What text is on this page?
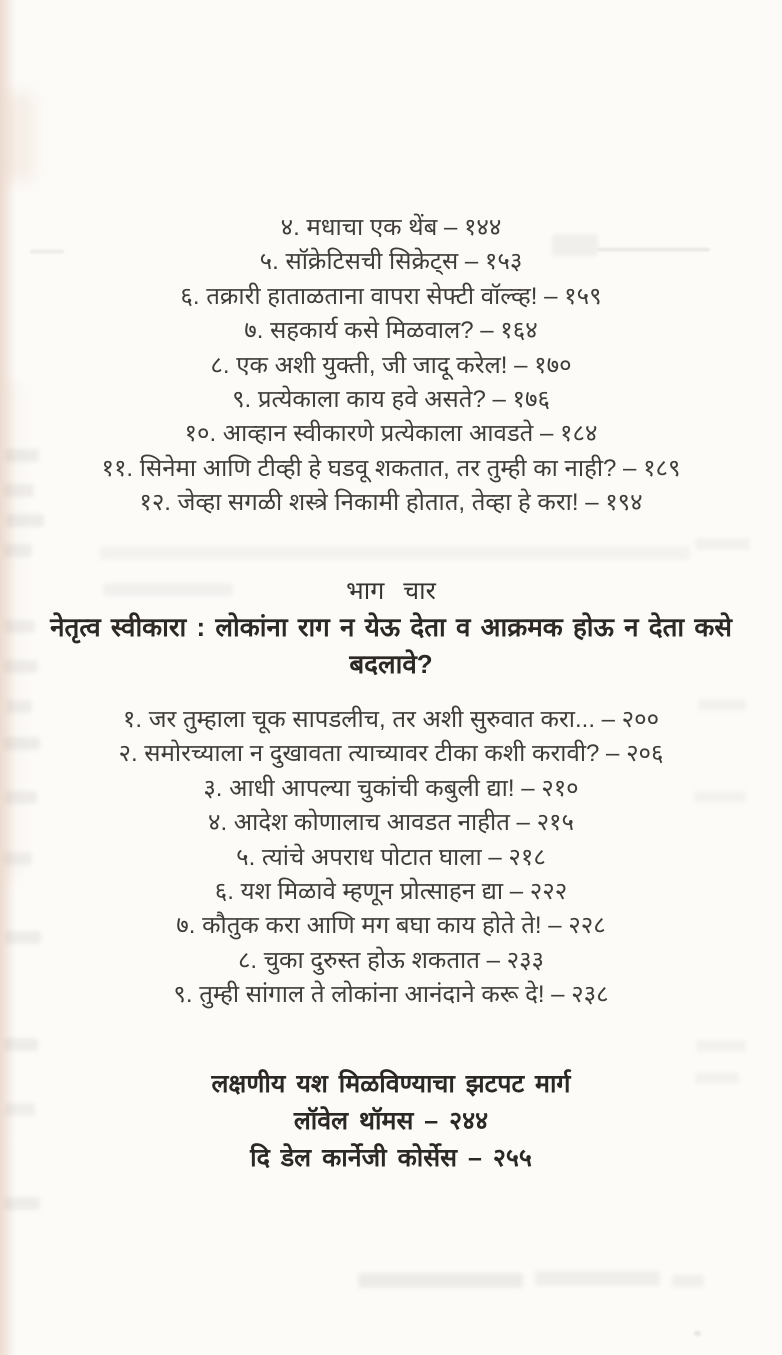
४. मधाचा एक थेंब – १४४
५. सॉक्रेटिसची सिक्रेट्स – १५३
६. तक्रारी हाताळताना वापरा सेफ्टी वॉल्व्ह! – १५९
७. सहकार्य कसे मिळवाल? – १६४
८. एक अशी युक्ती, जी जादू करेल! – १७०
९. प्रत्येकाला काय हवे असते? – १७६
१०. आव्हान स्वीकारणे प्रत्येकाला आवडते – १८४
११. सिनेमा आणि टीव्ही हे घडवू शकतात, तर तुम्ही का नाही? – १८९
१२. जेव्हा सगळी शस्त्रे निकामी होतात, तेव्हा हे करा! – १९४
भाग चार
नेतृत्व स्वीकारा : लोकांना राग न येऊ देता व आक्रमक होऊ न देता कसे बदलावे?
१. जर तुम्हाला चूक सापडलीच, तर अशी सुरुवात करा... – २००
२. समोरच्याला न दुखावता त्याच्यावर टीका कशी करावी? – २०६
३. आधी आपल्या चुकांची कबुली द्या! – २१०
४. आदेश कोणालाच आवडत नाहीत – २१५
५. त्यांचे अपराध पोटात घाला – २१८
६. यश मिळावे म्हणून प्रोत्साहन द्या – २२२
७. कौतुक करा आणि मग बघा काय होते ते! – २२८
८. चुका दुरुस्त होऊ शकतात – २३३
९. तुम्ही सांगाल ते लोकांना आनंदाने करू दे! – २३८
लक्षणीय यश मिळविण्याचा झटपट मार्ग
लॉवेल थॉमस – २४४
दि डेल कार्नेजी कोर्सेस – २५५
